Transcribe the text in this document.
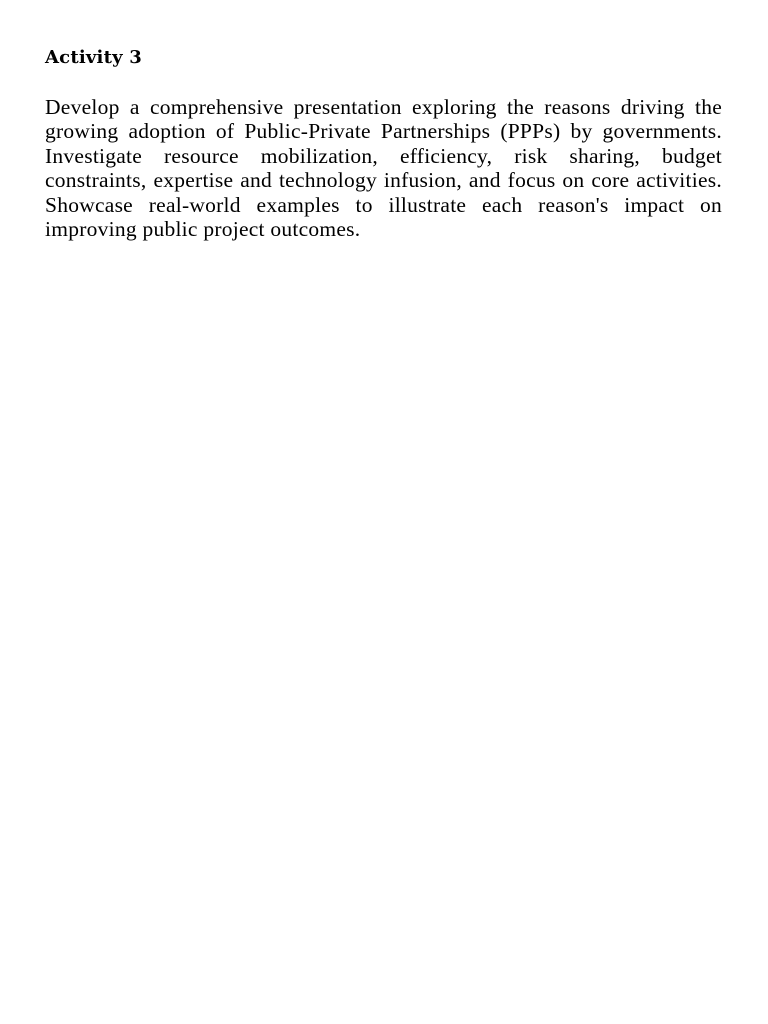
Activity 3

Develop a comprehensive presentation exploring the reasons driving the growing adoption of Public-Private Partnerships (PPPs) by governments. Investigate resource mobilization, efficiency, risk sharing, budget constraints, expertise and technology infusion, and focus on core activities. Showcase real-world examples to illustrate each reason's impact on improving public project outcomes.
